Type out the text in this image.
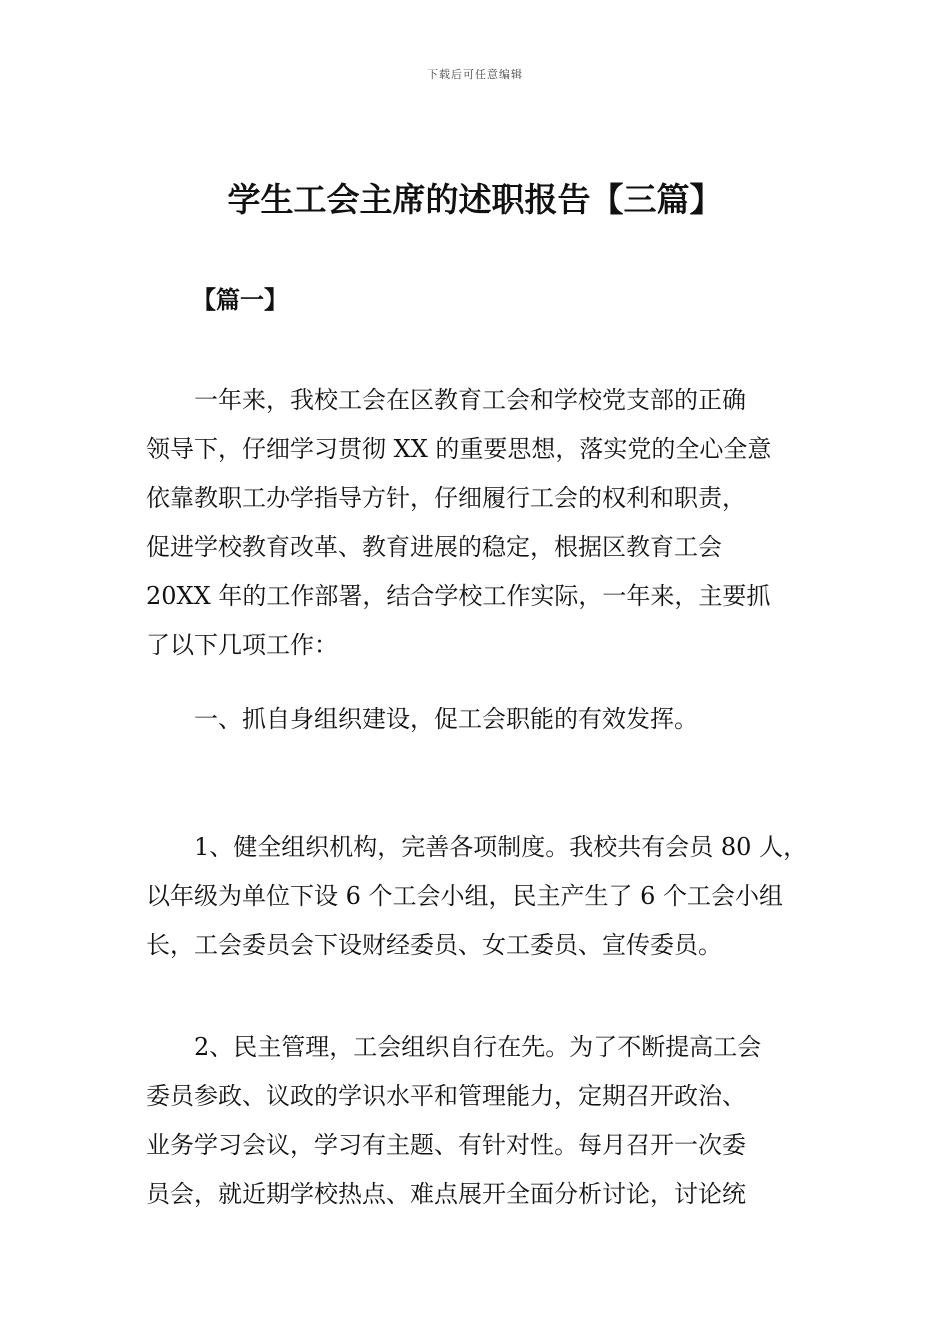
下载后可任意编辑
学生工会主席的述职报告【三篇】
【篇一】
　　一年来，我校工会在区教育工会和学校党支部的正确
领导下，仔细学习贯彻 XX 的重要思想，落实党的全心全意
依靠教职工办学指导方针，仔细履行工会的权利和职责，
促进学校教育改革、教育进展的稳定，根据区教育工会
20XX 年的工作部署，结合学校工作实际，一年来，主要抓
了以下几项工作：
　　一、抓自身组织建设，促工会职能的有效发挥。
　　1、健全组织机构，完善各项制度。我校共有会员 80 人，
以年级为单位下设 6 个工会小组，民主产生了 6 个工会小组
长，工会委员会下设财经委员、女工委员、宣传委员。
　　2、民主管理，工会组织自行在先。为了不断提高工会
委员参政、议政的学识水平和管理能力，定期召开政治、
业务学习会议，学习有主题、有针对性。每月召开一次委
员会，就近期学校热点、难点展开全面分析讨论，讨论统
